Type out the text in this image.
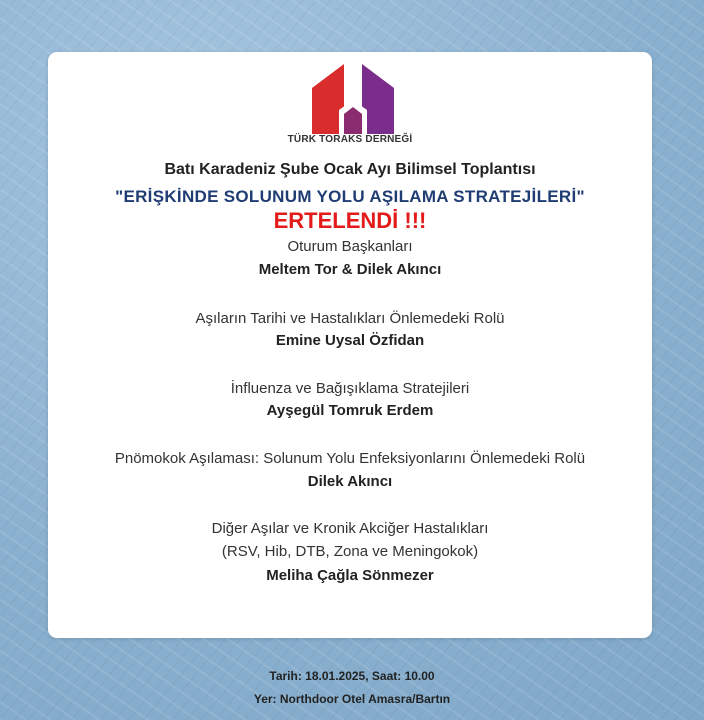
TÜRK TORAKS DERNEĞİ
Batı Karadeniz Şube Ocak Ayı Bilimsel Toplantısı
"ERİŞKİNDE SOLUNUM YOLU AŞILAMA STRATEJİLERİ"
ERTELENDİ !!!
Oturum Başkanları
Meltem Tor & Dilek Akıncı
Aşıların Tarihi ve Hastalıkları Önlemedeki Rolü
Emine Uysal Özfidan
İnfluenza ve Bağışıklama Stratejileri
Ayşegül Tomruk Erdem
Pnömokok Aşılaması: Solunum Yolu Enfeksiyonlarını Önlemedeki Rolü
Dilek Akıncı
Diğer Aşılar ve Kronik Akciğer Hastalıkları
(RSV, Hib, DTB, Zona ve Meningokok)
Meliha Çağla Sönmezer
Tarih: 18.01.2025, Saat: 10.00
Yer: Northdoor Otel Amasra/Bartın
